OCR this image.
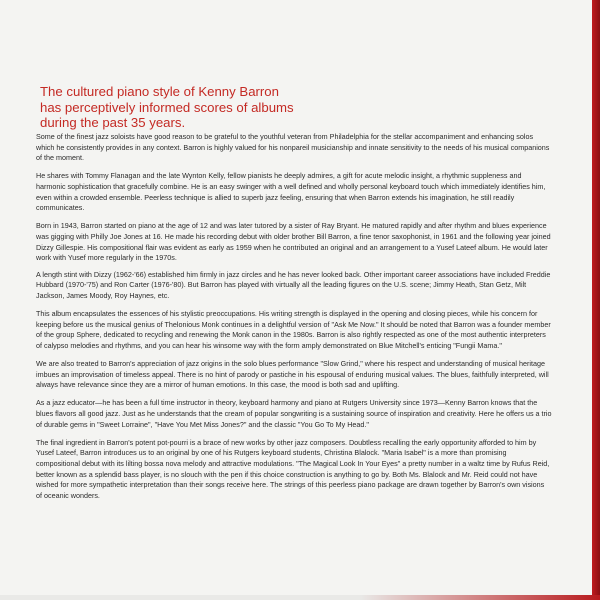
The cultured piano style of Kenny Barron
has perceptively informed scores of albums
during the past 35 years.

Some of the finest jazz soloists have good reason to be grateful to the youthful veteran from Philadelphia for the stellar accompaniment and enhancing solos which he consistently provides in any context. Barron is highly valued for his nonpareil musicianship and innate sensitivity to the needs of his musical companions of the moment.

He shares with Tommy Flanagan and the late Wynton Kelly, fellow pianists he deeply admires, a gift for acute melodic insight, a rhythmic suppleness and harmonic sophistication that gracefully combine. He is an easy swinger with a well defined and wholly personal keyboard touch which immediately identifies him, even within a crowded ensemble. Peerless technique is allied to superb jazz feeling, ensuring that when Barron extends his imagination, he still readily communicates.

Born in 1943, Barron started on piano at the age of 12 and was later tutored by a sister of Ray Bryant. He matured rapidly and after rhythm and blues experience was gigging with Philly Joe Jones at 16. He made his recording debut with older brother Bill Barron, a fine tenor saxophonist, in 1961 and the following year joined Dizzy Gillespie. His compositional flair was evident as early as 1959 when he contributed an original and an arrangement to a Yusef Lateef album. He would later work with Yusef more regularly in the 1970s.

A length stint with Dizzy (1962-'66) established him firmly in jazz circles and he has never looked back. Other important career associations have included Freddie Hubbard (1970-'75) and Ron Carter (1976-'80). But Barron has played with virtually all the leading figures on the U.S. scene; Jimmy Heath, Stan Getz, Milt Jackson, James Moody, Roy Haynes, etc.

This album encapsulates the essences of his stylistic preoccupations. His writing strength is displayed in the opening and closing pieces, while his concern for keeping before us the musical genius of Thelonious Monk continues in a delightful version of "Ask Me Now." It should be noted that Barron was a founder member of the group Sphere, dedicated to recycling and renewing the Monk canon in the 1980s. Barron is also rightly respected as one of the most authentic interpreters of calypso melodies and rhythms, and you can hear his winsome way with the form amply demonstrated on Blue Mitchell's enticing "Fungii Mama."

We are also treated to Barron's appreciation of jazz origins in the solo blues performance "Slow Grind," where his respect and understanding of musical heritage imbues an improvisation of timeless appeal. There is no hint of parody or pastiche in his espousal of enduring musical values. The blues, faithfully interpreted, will always have relevance since they are a mirror of human emotions. In this case, the mood is both sad and uplifting.

As a jazz educator—he has been a full time instructor in theory, keyboard harmony and piano at Rutgers University since 1973—Kenny Barron knows that the blues flavors all good jazz. Just as he understands that the cream of popular songwriting is a sustaining source of inspiration and creativity. Here he offers us a trio of durable gems in "Sweet Lorraine", "Have You Met Miss Jones?" and the classic "You Go To My Head."

The final ingredient in Barron's potent pot-pourri is a brace of new works by other jazz composers. Doubtless recalling the early opportunity afforded to him by Yusef Lateef, Barron introduces us to an original by one of his Rutgers keyboard students, Christina Blalock. "Maria Isabel" is a more than promising compositional debut with its lilting bossa nova melody and attractive modulations. "The Magical Look In Your Eyes" a pretty number in a waltz time by Rufus Reid, better known as a splendid bass player, is no slouch with the pen if this choice construction is anything to go by. Both Ms. Blalock and Mr. Reid could not have wished for more sympathetic interpretation than their songs receive here. The strings of this peerless piano package are drawn together by Barron's own visions of oceanic wonders.
